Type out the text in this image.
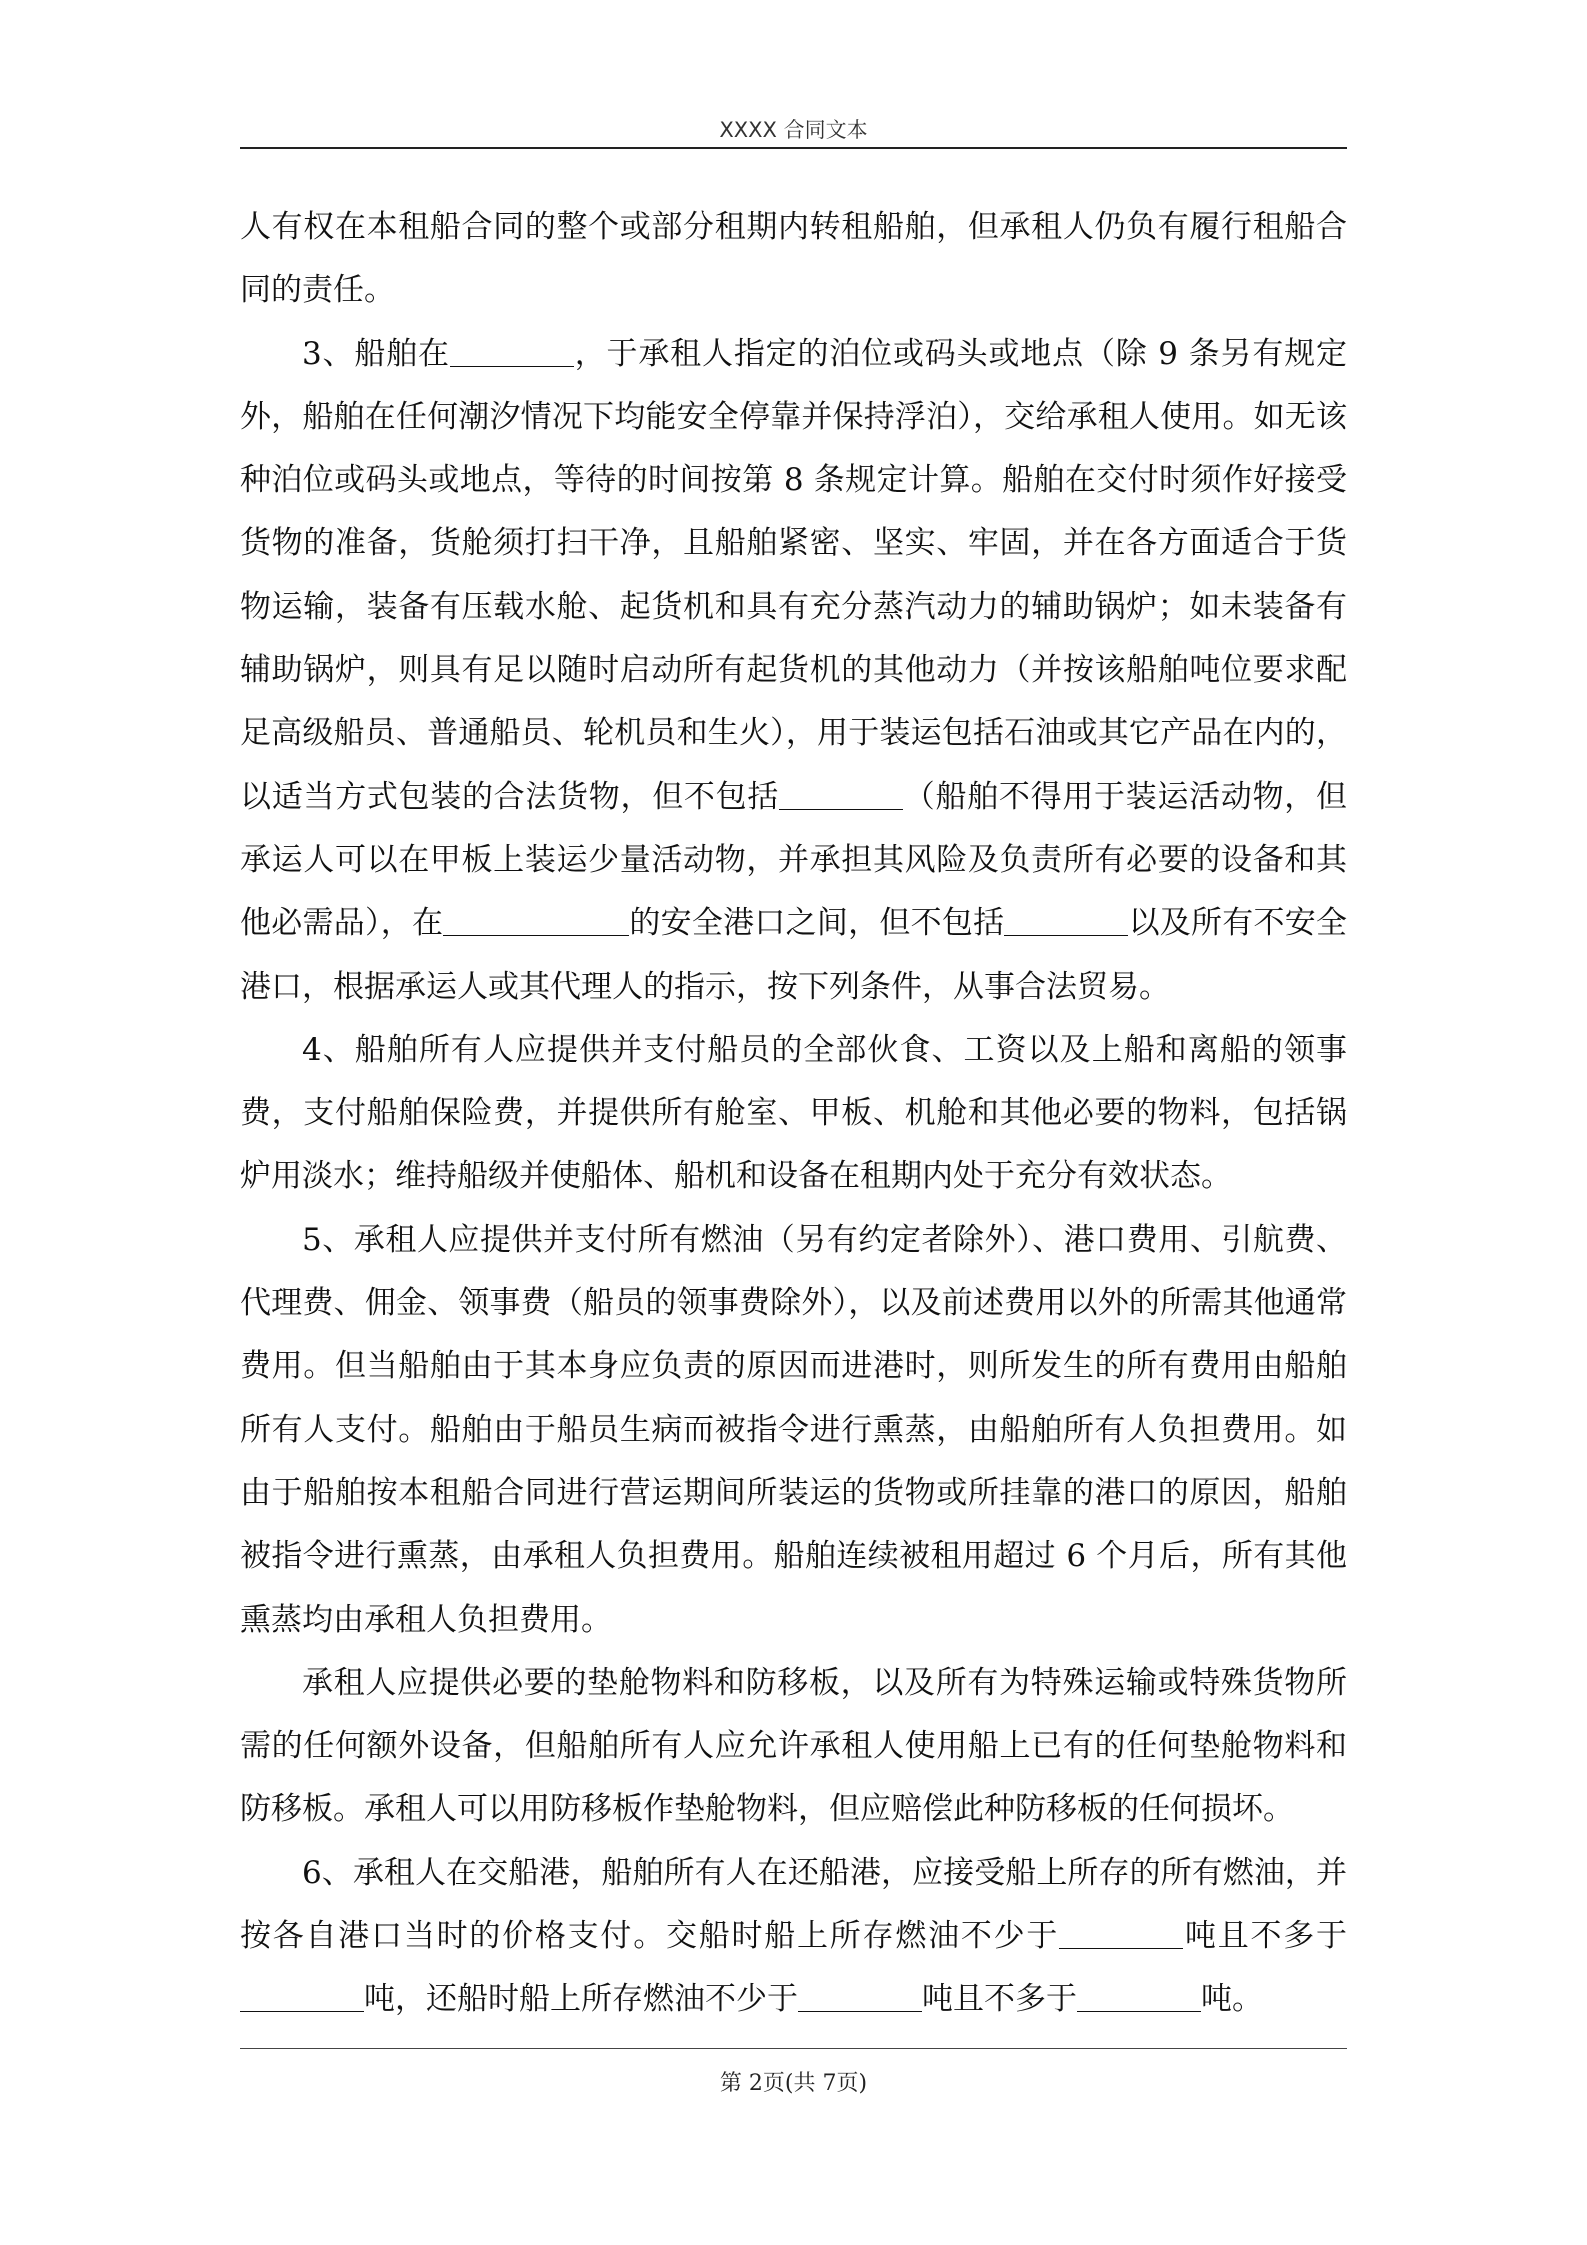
XXXX 合同文本

人有权在本租船合同的整个或部分租期内转租船舶，但承租人仍负有履行租船合同的责任。

3、船舶在	，于承租人指定的泊位或码头或地点（除 9 条另有规定外，船舶在任何潮汐情况下均能安全停靠并保持浮泊），交给承租人使用。如无该种泊位或码头或地点，等待的时间按第 8 条规定计算。船舶在交付时须作好接受货物的准备，货舱须打扫干净，且船舶紧密、坚实、牢固，并在各方面适合于货物运输，装备有压载水舱、起货机和具有充分蒸汽动力的辅助锅炉；如未装备有辅助锅炉，则具有足以随时启动所有起货机的其他动力（并按该船舶吨位要求配足高级船员、普通船员、轮机员和生火），用于装运包括石油或其它产品在内的，以适当方式包装的合法货物，但不包括	（船舶不得用于装运活动物，但承运人可以在甲板上装运少量活动物，并承担其风险及负责所有必要的设备和其他必需品），在	的安全港口之间，但不包括	以及所有不安全港口，根据承运人或其代理人的指示，按下列条件，从事合法贸易。

4、船舶所有人应提供并支付船员的全部伙食、工资以及上船和离船的领事费，支付船舶保险费，并提供所有舱室、甲板、机舱和其他必要的物料，包括锅炉用淡水；维持船级并使船体、船机和设备在租期内处于充分有效状态。

5、承租人应提供并支付所有燃油（另有约定者除外）、港口费用、引航费、代理费、佣金、领事费（船员的领事费除外），以及前述费用以外的所需其他通常费用。但当船舶由于其本身应负责的原因而进港时，则所发生的所有费用由船舶所有人支付。船舶由于船员生病而被指令进行熏蒸，由船舶所有人负担费用。如由于船舶按本租船合同进行营运期间所装运的货物或所挂靠的港口的原因，船舶被指令进行熏蒸，由承租人负担费用。船舶连续被租用超过 6 个月后，所有其他熏蒸均由承租人负担费用。

承租人应提供必要的垫舱物料和防移板，以及所有为特殊运输或特殊货物所需的任何额外设备，但船舶所有人应允许承租人使用船上已有的任何垫舱物料和防移板。承租人可以用防移板作垫舱物料，但应赔偿此种防移板的任何损坏。

6、承租人在交船港，船舶所有人在还船港，应接受船上所存的所有燃油，并按各自港口当时的价格支付。交船时船上所存燃油不少于	吨且不多于吨，还船时船上所存燃油不少于	吨且不多于	吨。

第 2页(共 7页)
